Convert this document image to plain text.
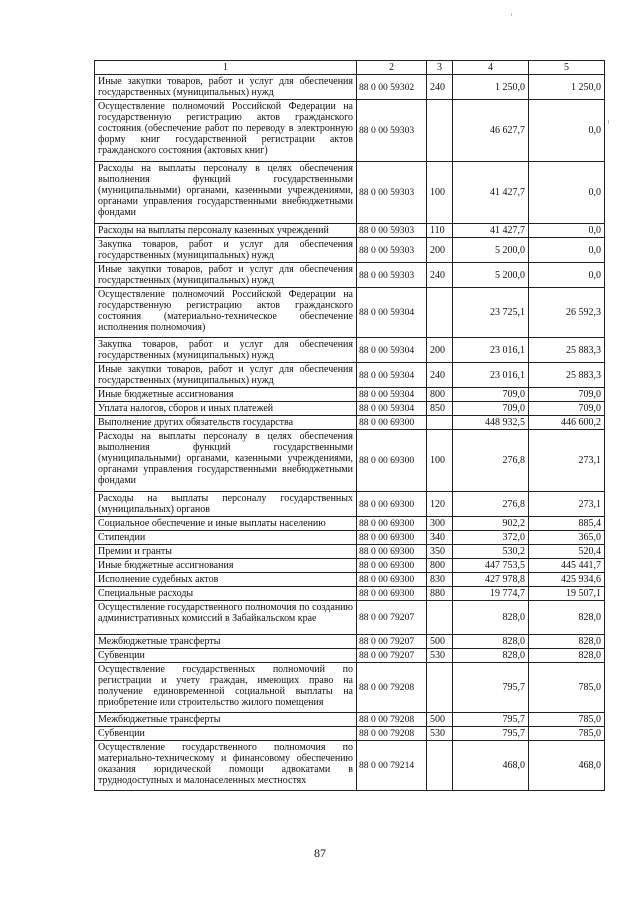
1	2	3	4	5
Иные закупки товаров, работ и услуг для обеспечения государственных (муниципальных) нужд	88 0 00 59302	240	1 250,0	1 250,0
Осуществление полномочий Российской Федерации на государственную регистрацию актов гражданского состояния (обеспечение работ по переводу в электронную форму книг государственной регистрации актов гражданского состояния (актовых книг)	88 0 00 59303		46 627,7	0,0
Расходы на выплаты персоналу в целях обеспечения выполнения функций государственными (муниципальными) органами, казенными учреждениями, органами управления государственными внебюджетными фондами	88 0 00 59303	100	41 427,7	0,0
Расходы на выплаты персоналу казенных учреждений	88 0 00 59303	110	41 427,7	0,0
Закупка товаров, работ и услуг для обеспечения государственных (муниципальных) нужд	88 0 00 59303	200	5 200,0	0,0
Иные закупки товаров, работ и услуг для обеспечения государственных (муниципальных) нужд	88 0 00 59303	240	5 200,0	0,0
Осуществление полномочий Российской Федерации на государственную регистрацию актов гражданского состояния (материально-техническое обеспечение исполнения полномочия)	88 0 00 59304		23 725,1	26 592,3
Закупка товаров, работ и услуг для обеспечения государственных (муниципальных) нужд	88 0 00 59304	200	23 016,1	25 883,3
Иные закупки товаров, работ и услуг для обеспечения государственных (муниципальных) нужд	88 0 00 59304	240	23 016,1	25 883,3
Иные бюджетные ассигнования	88 0 00 59304	800	709,0	709,0
Уплата налогов, сборов и иных платежей	88 0 00 59304	850	709,0	709,0
Выполнение других обязательств государства	88 0 00 69300		448 932,5	446 600,2
Расходы на выплаты персоналу в целях обеспечения выполнения функций государственными (муниципальными) органами, казенными учреждениями, органами управления государственными внебюджетными фондами	88 0 00 69300	100	276,8	273,1
Расходы на выплаты персоналу государственных (муниципальных) органов	88 0 00 69300	120	276,8	273,1
Социальное обеспечение и иные выплаты населению	88 0 00 69300	300	902,2	885,4
Стипендии	88 0 00 69300	340	372,0	365,0
Премии и гранты	88 0 00 69300	350	530,2	520,4
Иные бюджетные ассигнования	88 0 00 69300	800	447 753,5	445 441,7
Исполнение судебных актов	88 0 00 69300	830	427 978,8	425 934,6
Специальные расходы	88 0 00 69300	880	19 774,7	19 507,1
Осуществление государственного полномочия по созданию административных комиссий в Забайкальском крае	88 0 00 79207		828,0	828,0
Межбюджетные трансферты	88 0 00 79207	500	828,0	828,0
Субвенции	88 0 00 79207	530	828,0	828,0
Осуществление государственных полномочий по регистрации и учету граждан, имеющих право на получение единовременной социальной выплаты на приобретение или строительство жилого помещения	88 0 00 79208		795,7	785,0
Межбюджетные трансферты	88 0 00 79208	500	795,7	785,0
Субвенции	88 0 00 79208	530	795,7	785,0
Осуществление государственного полномочия по материально-техническому и финансовому обеспечению оказания юридической помощи адвокатами в труднодоступных и малонаселенных местностях	88 0 00 79214		468,0	468,0
87
